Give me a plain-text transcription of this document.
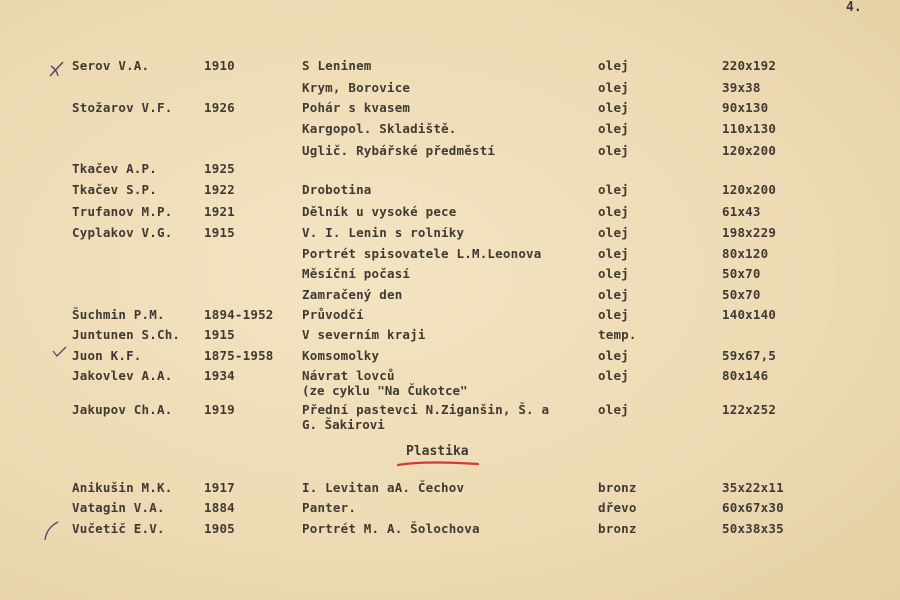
4.
Serov V.A.	1910	S Leninem	olej	220x192
Krym, Borovice	olej	39x38
Stožarov V.F.	1926	Pohár s kvasem	olej	90x130
Kargopol. Skladiště.	olej	110x130
Uglič. Rybářské předměstí	olej	120x200
Tkačev A.P.	1925
Tkačev S.P.	1922	Drobotina	olej	120x200
Trufanov M.P.	1921	Dělník u vysoké pece	olej	61x43
Cyplakov V.G.	1915	V. I. Lenin s rolníky	olej	198x229
Portrét spisovatele L.M.Leonova	olej	80x120
Měsíční počasí	olej	50x70
Zamračený den	olej	50x70
Šuchmin P.M.	1894-1952 Průvodčí	olej	140x140
Juntunen S.Ch. 1915	V severním kraji	temp.
Juon K.F.	1875-1958 Komsomolky	olej	59x67,5
Jakovlev A.A.	1934	Návrat lovců	olej	80x146
(ze cyklu "Na Čukotce"
Jakupov Ch.A.	1919	Přední pastevci N.Ziganšin, Š. a	olej	122x252
G. Šakirovi
Plastika
Anikušin M.K.	1917	I. Levitan aA. Čechov	bronz	35x22x11
Vatagin V.A.	1884	Panter.	dřevo	60x67x30
Vučetič E.V.	1905	Portrét M. A. Šolochova	bronz	50x38x35
